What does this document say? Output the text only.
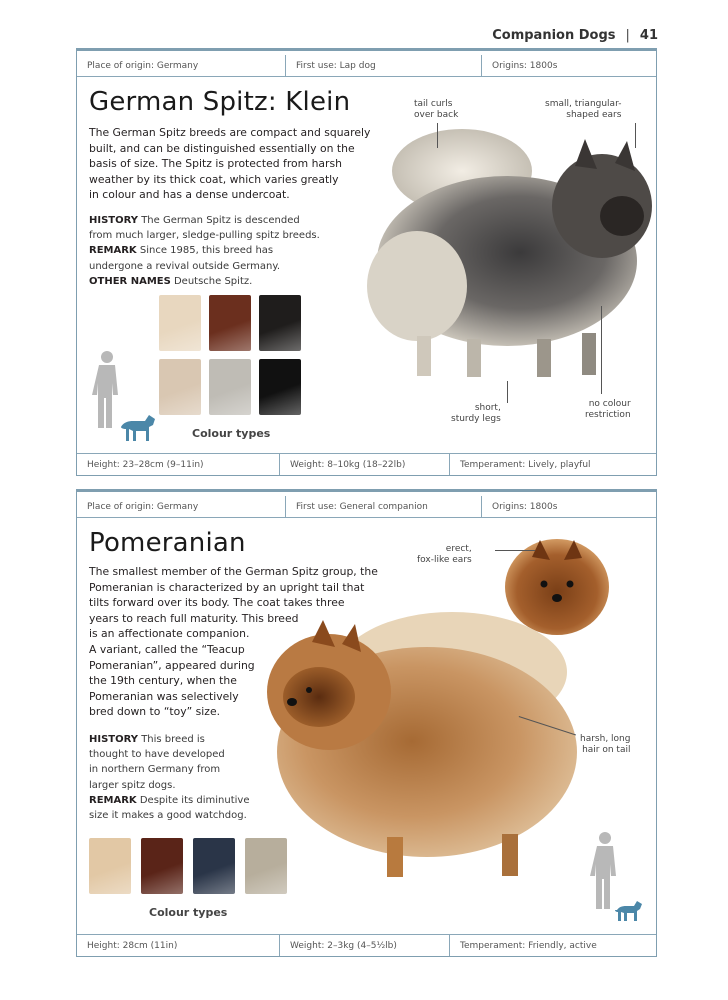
Companion Dogs | 41
Place of origin: Germany	First use: Lap dog	Origins: 1800s
German Spitz: Klein
The German Spitz breeds are compact and squarely
built, and can be distinguished essentially on the
basis of size. The Spitz is protected from harsh
weather by its thick coat, which varies greatly
in colour and has a dense undercoat.
HISTORY The German Spitz is descended
from much larger, sledge-pulling spitz breeds.
REMARK Since 1985, this breed has
undergone a revival outside Germany.
OTHER NAMES Deutsche Spitz.
Colour types
tail curls
over back
small, triangular-
shaped ears
short,
sturdy legs
no colour
restriction
Height: 23–28cm (9–11in)	Weight: 8–10kg (18–22lb)	Temperament: Lively, playful
Place of origin: Germany	First use: General companion	Origins: 1800s
Pomeranian
The smallest member of the German Spitz group, the
Pomeranian is characterized by an upright tail that
tilts forward over its body. The coat takes three
years to reach full maturity. This breed
is an affectionate companion.
A variant, called the “Teacup
Pomeranian”, appeared during
the 19th century, when the
Pomeranian was selectively
bred down to “toy” size.
HISTORY This breed is
thought to have developed
in northern Germany from
larger spitz dogs.
REMARK Despite its diminutive
size it makes a good watchdog.
Colour types
erect,
fox-like ears
harsh, long
hair on tail
Height: 28cm (11in)	Weight: 2–3kg (4–5½lb)	Temperament: Friendly, active
